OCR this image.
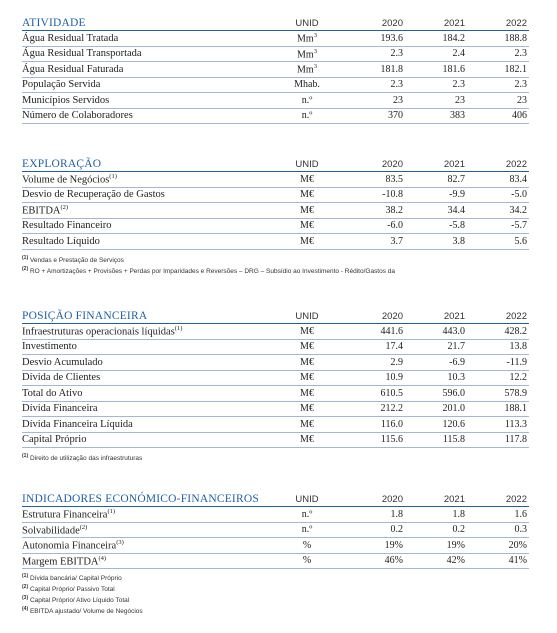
ATIVIDADE	UNID	2020	2021	2022
Água Residual Tratada	Mm$^3$	193.6	184.2	188.8
Água Residual Transportada	Mm$^3$	2.3	2.4	2.3
Água Residual Faturada	Mm$^3$	181.8	181.6	182.1
População Servida	Mhab.	2.3	2.3	2.3
Municípios Servidos	n.º	23	23	23
Número de Colaboradores	n.º	370	383	406
EXPLORAÇÃO	UNID	2020	2021	2022
Volume de Negócios$^{(1)}$	M€	83.5	82.7	83.4
Desvio de Recuperação de Gastos	M€	-10.8	-9.9	-5.0
EBITDA$^{(2)}$	M€	38.2	34.4	34.2
Resultado Financeiro	M€	-6.0	-5.8	-5.7
Resultado Líquido	M€	3.7	3.8	5.6
$^{(1)}$ Vendas e Prestação de Serviços
$^{(2)}$ RO + Amortizações + Provisões + Perdas por Imparidades e Reversões – DRG – Subsídio ao Investimento - Rédito/Gastos da
POSIÇÃO FINANCEIRA	UNID	2020	2021	2022
Infraestruturas operacionais líquidas$^{(1)}$	M€	441.6	443.0	428.2
Investimento	M€	17.4	21.7	13.8
Desvio Acumulado	M€	2.9	-6.9	-11.9
Dívida de Clientes	M€	10.9	10.3	12.2
Total do Ativo	M€	610.5	596.0	578.9
Dívida Financeira	M€	212.2	201.0	188.1
Dívida Financeira Líquida	M€	116.0	120.6	113.3
Capital Próprio	M€	115.6	115.8	117.8
$^{(1)}$ Direito de utilização das infraestruturas
INDICADORES ECONÓMICO-FINANCEIROS	UNID	2020	2021	2022
Estrutura Financeira$^{(1)}$	n.º	1.8	1.8	1.6
Solvabilidade$^{(2)}$	n.º	0.2	0.2	0.3
Autonomia Financeira$^{(3)}$	%	19%	19%	20%
Margem EBITDA$^{(4)}$	%	46%	42%	41%
$^{(1)}$ Dívida bancária/ Capital Próprio
$^{(2)}$ Capital Próprio/ Passivo Total
$^{(3)}$ Capital Próprio/ Ativo Líquido Total
$^{(4)}$ EBITDA ajustado/ Volume de Negócios
